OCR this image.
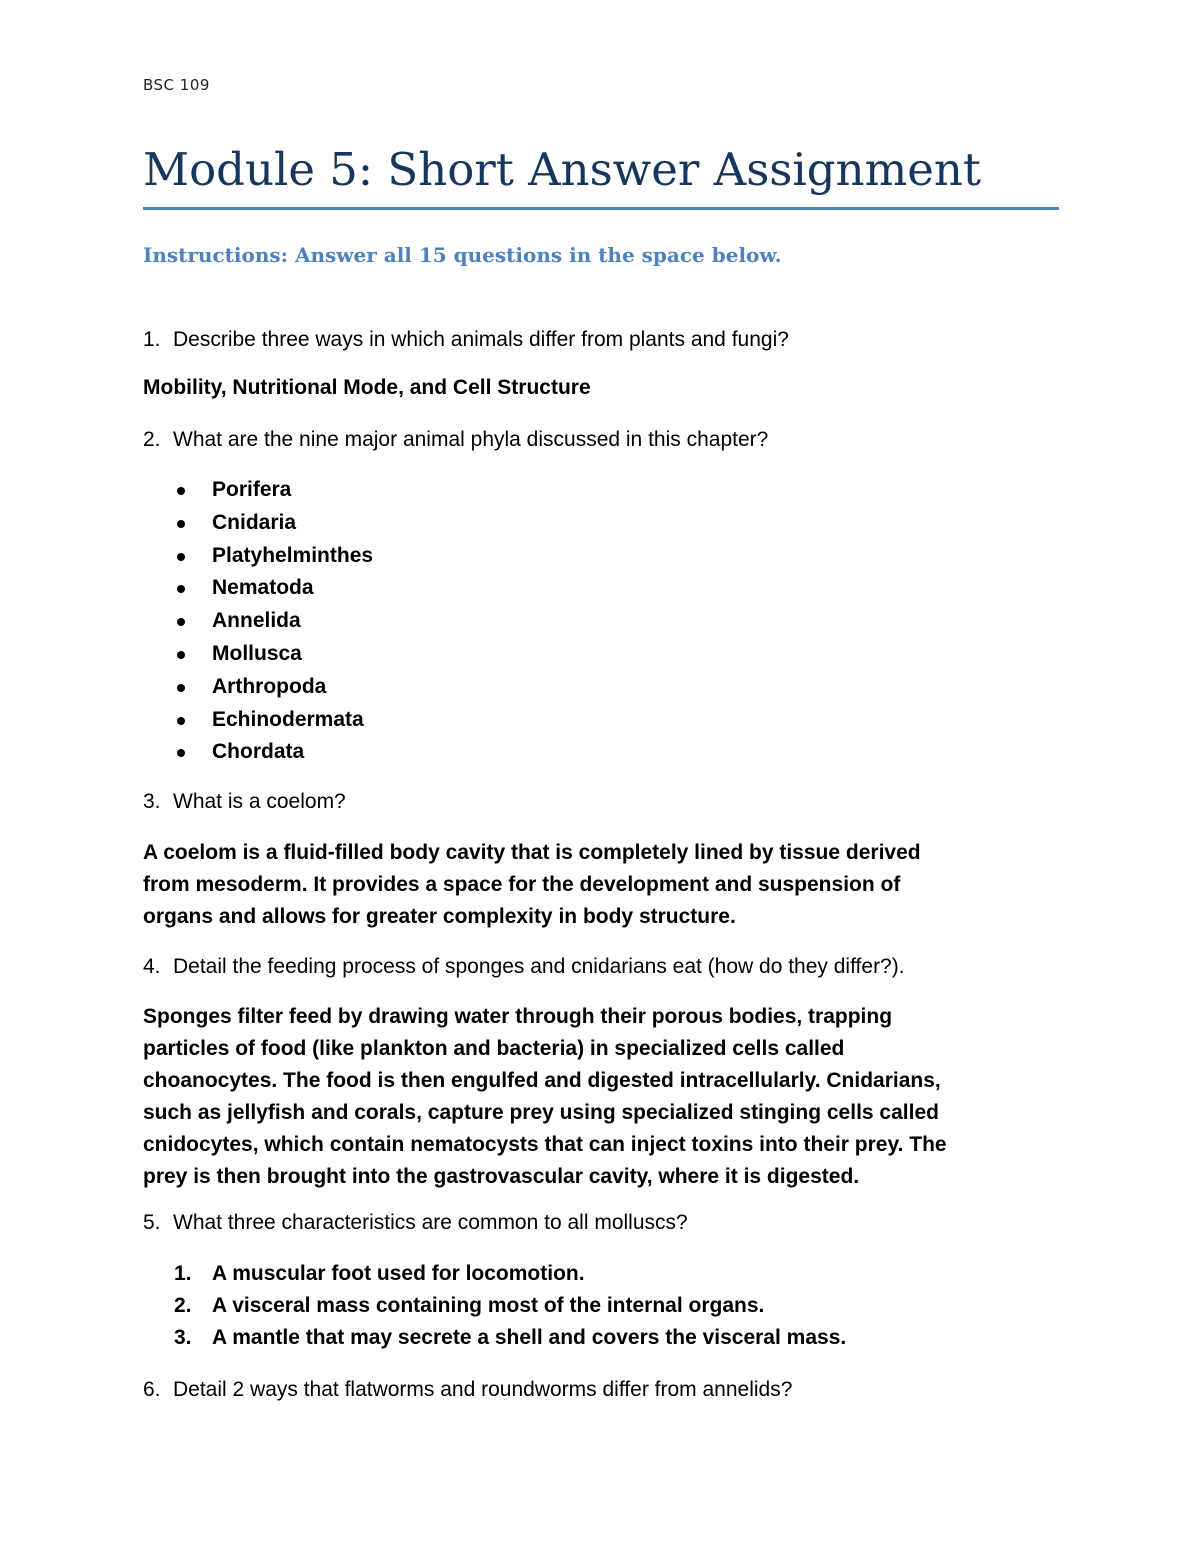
BSC 109
Module 5: Short Answer Assignment
Instructions: Answer all 15 questions in the space below.
1. Describe three ways in which animals differ from plants and fungi?
Mobility, Nutritional Mode, and Cell Structure
2. What are the nine major animal phyla discussed in this chapter?
Porifera
Cnidaria
Platyhelminthes
Nematoda
Annelida
Mollusca
Arthropoda
Echinodermata
Chordata
3. What is a coelom?
A coelom is a fluid-filled body cavity that is completely lined by tissue derived
from mesoderm. It provides a space for the development and suspension of
organs and allows for greater complexity in body structure.
4. Detail the feeding process of sponges and cnidarians eat (how do they differ?).
Sponges filter feed by drawing water through their porous bodies, trapping
particles of food (like plankton and bacteria) in specialized cells called
choanocytes. The food is then engulfed and digested intracellularly. Cnidarians,
such as jellyfish and corals, capture prey using specialized stinging cells called
cnidocytes, which contain nematocysts that can inject toxins into their prey. The
prey is then brought into the gastrovascular cavity, where it is digested.
5. What three characteristics are common to all molluscs?
1. A muscular foot used for locomotion.
2. A visceral mass containing most of the internal organs.
3. A mantle that may secrete a shell and covers the visceral mass.
6. Detail 2 ways that flatworms and roundworms differ from annelids?
